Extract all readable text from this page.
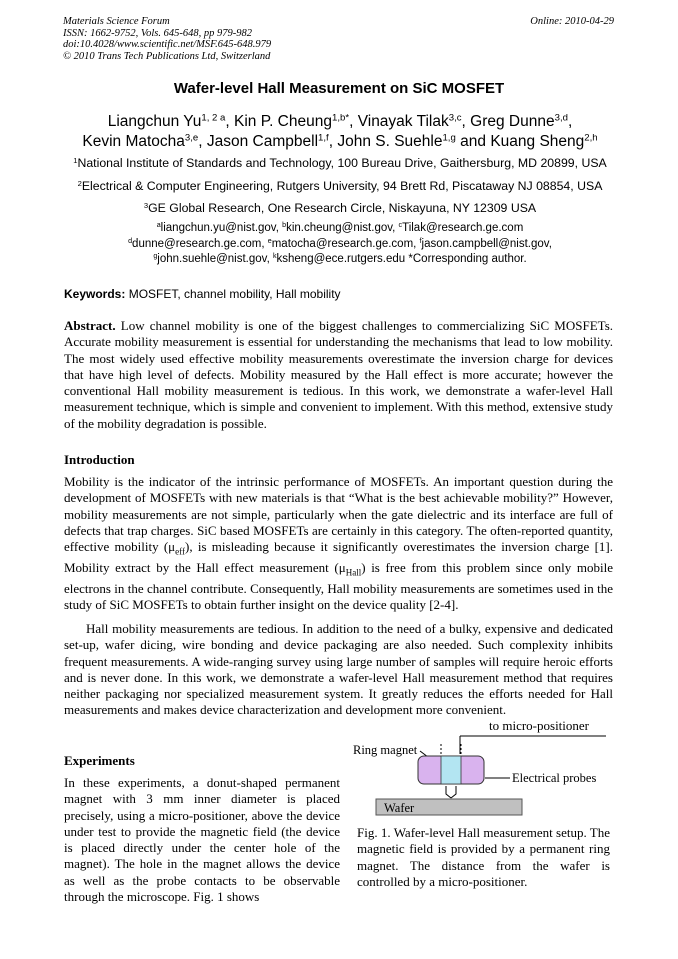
Materials Science Forum
ISSN: 1662-9752, Vols. 645-648, pp 979-982
doi:10.4028/www.scientific.net/MSF.645-648.979
© 2010 Trans Tech Publications Ltd, Switzerland
Online: 2010-04-29
Wafer-level Hall Measurement on SiC MOSFET
Liangchun $Yu^{1, 2 a}$, Kin P. Cheung$^{1,b*}$, Vinayak Tilak$^{3,c}$, Greg Dunne$^{3,d}$,
Kevin Matocha$^{3,e}$, Jason Campbell$^{1,f}$, John S. Suehle$^{1,g}$ and Kuang Sheng$^{2,h}$
$^1$National Institute of Standards and Technology, 100 Bureau Drive, Gaithersburg, MD 20899, USA
$^2$Electrical & Computer Engineering, Rutgers University, 94 Brett Rd, Piscataway NJ 08854, USA
$^3$GE Global Research, One Research Circle, Niskayuna, NY 12309 USA
$^a$liangchun.yu@nist.gov, $^b$kin.cheung@nist.gov, $^c$Tilak@research.ge.com
$^d$dunne@research.ge.com, $^e$matocha@research.ge.com, $^f$jason.campbell@nist.gov,
$^g$john.suehle@nist.gov, $^k$ksheng@ece.rutgers.edu *Corresponding author.
Keywords: MOSFET, channel mobility, Hall mobility
Abstract. Low channel mobility is one of the biggest challenges to commercializing SiC MOSFETs. Accurate mobility measurement is essential for understanding the mechanisms that lead to low mobility. The most widely used effective mobility measurements overestimate the inversion charge for devices that have high level of defects. Mobility measured by the Hall effect is more accurate; however the conventional Hall mobility measurement is tedious. In this work, we demonstrate a wafer-level Hall measurement technique, which is simple and convenient to implement. With this method, extensive study of the mobility degradation is possible.
Introduction
Mobility is the indicator of the intrinsic performance of MOSFETs. An important question during the development of MOSFETs with new materials is that “What is the best achievable mobility?” However, mobility measurements are not simple, particularly when the gate dielectric and its interface are full of defects that trap charges. SiC based MOSFETs are certainly in this category. The often-reported quantity, effective mobility $(\mu_{eff})$, is misleading because it significantly overestimates the inversion charge [1]. Mobility extract by the Hall effect measurement $(\mu_{Hall})$ is free from this problem since only mobile electrons in the channel contribute. Consequently, Hall mobility measurements are sometimes used in the study of SiC MOSFETs to obtain further insight on the device quality [2-4].
Hall mobility measurements are tedious. In addition to the need of a bulky, expensive and dedicated set-up, wafer dicing, wire bonding and device packaging are also needed. Such complexity inhibits frequent measurements. A wide-ranging survey using large number of samples will require heroic efforts and is never done. In this work, we demonstrate a wafer-level Hall measurement method that requires neither packaging nor specialized measurement system. It greatly reduces the efforts needed for Hall measurements and makes device characterization and development more convenient.
Experiments
In these experiments, a donut-shaped permanent magnet with 3 mm inner diameter is placed precisely, using a micro-positioner, above the device under test to provide the magnetic field (the device is placed directly under the center hole of the magnet). The hole in the magnet allows the device as well as the probe contacts to be observable through the microscope. Fig. 1 shows
to micro-positioner
Ring magnet
Electrical probes
Wafer
Fig. 1. Wafer-level Hall measurement setup. The magnetic field is provided by a permanent ring magnet. The distance from the wafer is controlled by a micro-positioner.
